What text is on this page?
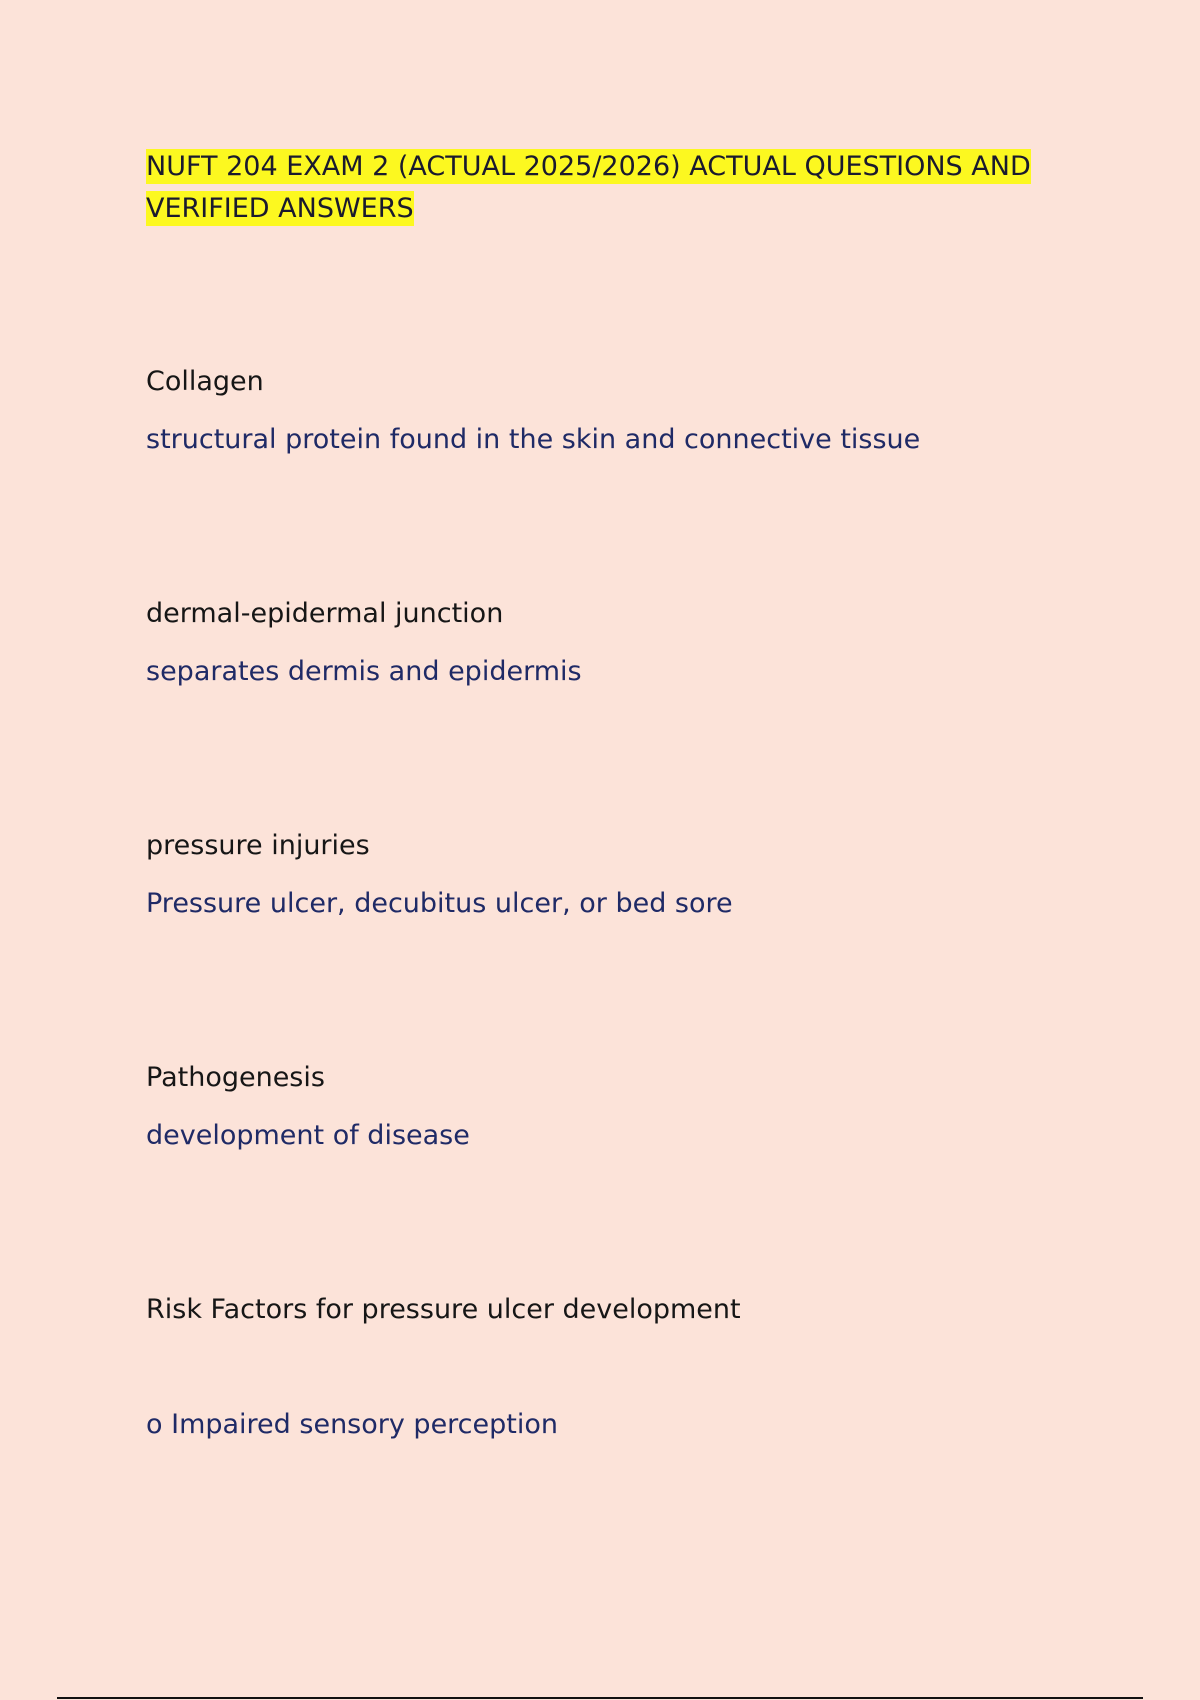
NUFT 204 EXAM 2 (ACTUAL 2025/2026) ACTUAL QUESTIONS AND VERIFIED ANSWERS
Collagen
structural protein found in the skin and connective tissue
dermal-epidermal junction
separates dermis and epidermis
pressure injuries
Pressure ulcer, decubitus ulcer, or bed sore
Pathogenesis
development of disease
Risk Factors for pressure ulcer development
o Impaired sensory perception
